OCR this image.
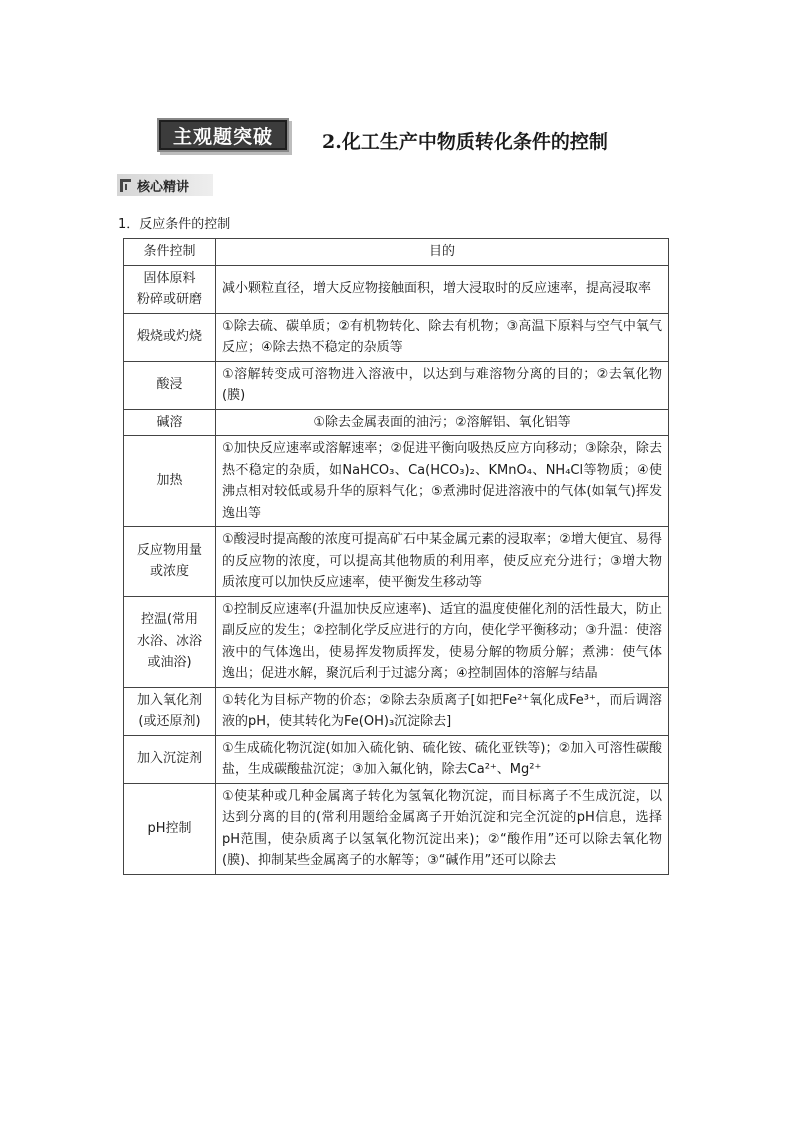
主观题突破	2.化工生产中物质转化条件的控制
核心精讲
1．反应条件的控制
条件控制	目的
固体原料
粉碎或研磨	减小颗粒直径，增大反应物接触面积，增大浸取时的反应速率，提高浸取率
煅烧或灼烧	①除去硫、碳单质；②有机物转化、除去有机物；③高温下原料与空气中氧气反应；④除去热不稳定的杂质等
酸浸	①溶解转变成可溶物进入溶液中，以达到与难溶物分离的目的；②去氧化物(膜)
碱溶	①除去金属表面的油污；②溶解铝、氧化铝等
加热	①加快反应速率或溶解速率；②促进平衡向吸热反应方向移动；③除杂，除去热不稳定的杂质，如NaHCO₃、Ca(HCO₃)₂、KMnO₄、NH₄Cl等物质；④使沸点相对较低或易升华的原料气化；⑤煮沸时促进溶液中的气体(如氧气)挥发逸出等
反应物用量
或浓度	①酸浸时提高酸的浓度可提高矿石中某金属元素的浸取率；②增大便宜、易得的反应物的浓度，可以提高其他物质的利用率，使反应充分进行；③增大物质浓度可以加快反应速率，使平衡发生移动等
控温(常用
水浴、冰浴
或油浴)	①控制反应速率(升温加快反应速率)、适宜的温度使催化剂的活性最大，防止副反应的发生；②控制化学反应进行的方向，使化学平衡移动；③升温：使溶液中的气体逸出，使易挥发物质挥发，使易分解的物质分解；煮沸：使气体逸出；促进水解，聚沉后利于过滤分离；④控制固体的溶解与结晶
加入氧化剂
(或还原剂)	①转化为目标产物的价态；②除去杂质离子[如把Fe²⁺氧化成Fe³⁺，而后调溶液的pH，使其转化为Fe(OH)₃沉淀除去]
加入沉淀剂	①生成硫化物沉淀(如加入硫化钠、硫化铵、硫化亚铁等)；②加入可溶性碳酸盐，生成碳酸盐沉淀；③加入氟化钠，除去Ca²⁺、Mg²⁺
pH控制	①使某种或几种金属离子转化为氢氧化物沉淀，而目标离子不生成沉淀，以达到分离的目的(常利用题给金属离子开始沉淀和完全沉淀的pH信息，选择pH范围，使杂质离子以氢氧化物沉淀出来)；②“酸作用”还可以除去氧化物(膜)、抑制某些金属离子的水解等；③“碱作用”还可以除去
